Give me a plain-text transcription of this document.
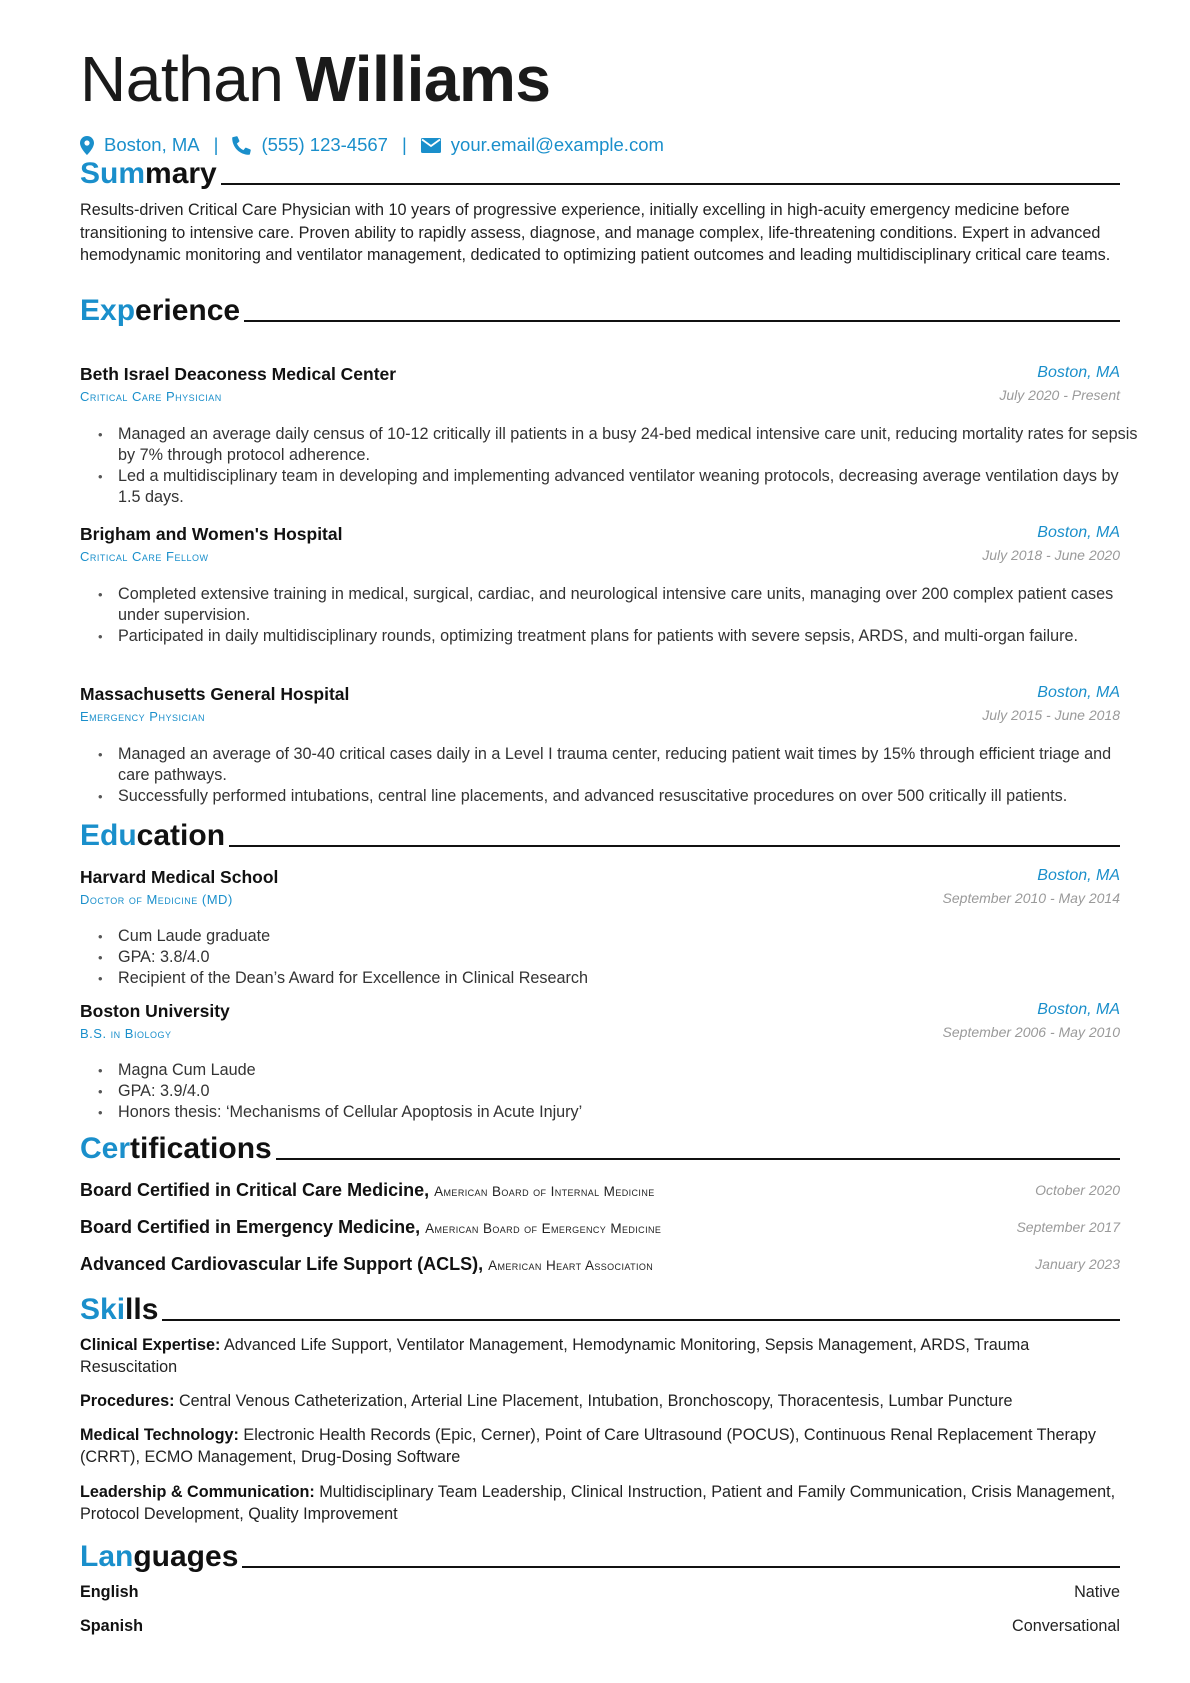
Nathan Williams
Boston, MA | (555) 123-4567 | your.email@example.com
Summary
Results-driven Critical Care Physician with 10 years of progressive experience, initially excelling in high-acuity emergency medicine before transitioning to intensive care. Proven ability to rapidly assess, diagnose, and manage complex, life-threatening conditions. Expert in advanced hemodynamic monitoring and ventilator management, dedicated to optimizing patient outcomes and leading multidisciplinary critical care teams.
Experience
Beth Israel Deaconess Medical Center	Boston, MA
Critical Care Physician	July 2020 - Present
• Managed an average daily census of 10-12 critically ill patients in a busy 24-bed medical intensive care unit, reducing mortality rates for sepsis by 7% through protocol adherence.
• Led a multidisciplinary team in developing and implementing advanced ventilator weaning protocols, decreasing average ventilation days by 1.5 days.
Brigham and Women's Hospital	Boston, MA
Critical Care Fellow	July 2018 - June 2020
• Completed extensive training in medical, surgical, cardiac, and neurological intensive care units, managing over 200 complex patient cases under supervision.
• Participated in daily multidisciplinary rounds, optimizing treatment plans for patients with severe sepsis, ARDS, and multi-organ failure.
Massachusetts General Hospital	Boston, MA
Emergency Physician	July 2015 - June 2018
• Managed an average of 30-40 critical cases daily in a Level I trauma center, reducing patient wait times by 15% through efficient triage and care pathways.
• Successfully performed intubations, central line placements, and advanced resuscitative procedures on over 500 critically ill patients.
Education
Harvard Medical School	Boston, MA
Doctor of Medicine (MD)	September 2010 - May 2014
• Cum Laude graduate
• GPA: 3.8/4.0
• Recipient of the Dean’s Award for Excellence in Clinical Research
Boston University	Boston, MA
B.S. in Biology	September 2006 - May 2010
• Magna Cum Laude
• GPA: 3.9/4.0
• Honors thesis: ‘Mechanisms of Cellular Apoptosis in Acute Injury’
Certifications
Board Certified in Critical Care Medicine, American Board of Internal Medicine	October 2020
Board Certified in Emergency Medicine, American Board of Emergency Medicine	September 2017
Advanced Cardiovascular Life Support (ACLS), American Heart Association	January 2023
Skills
Clinical Expertise: Advanced Life Support, Ventilator Management, Hemodynamic Monitoring, Sepsis Management, ARDS, Trauma Resuscitation
Procedures: Central Venous Catheterization, Arterial Line Placement, Intubation, Bronchoscopy, Thoracentesis, Lumbar Puncture
Medical Technology: Electronic Health Records (Epic, Cerner), Point of Care Ultrasound (POCUS), Continuous Renal Replacement Therapy (CRRT), ECMO Management, Drug-Dosing Software
Leadership & Communication: Multidisciplinary Team Leadership, Clinical Instruction, Patient and Family Communication, Crisis Management, Protocol Development, Quality Improvement
Languages
English	Native
Spanish	Conversational
